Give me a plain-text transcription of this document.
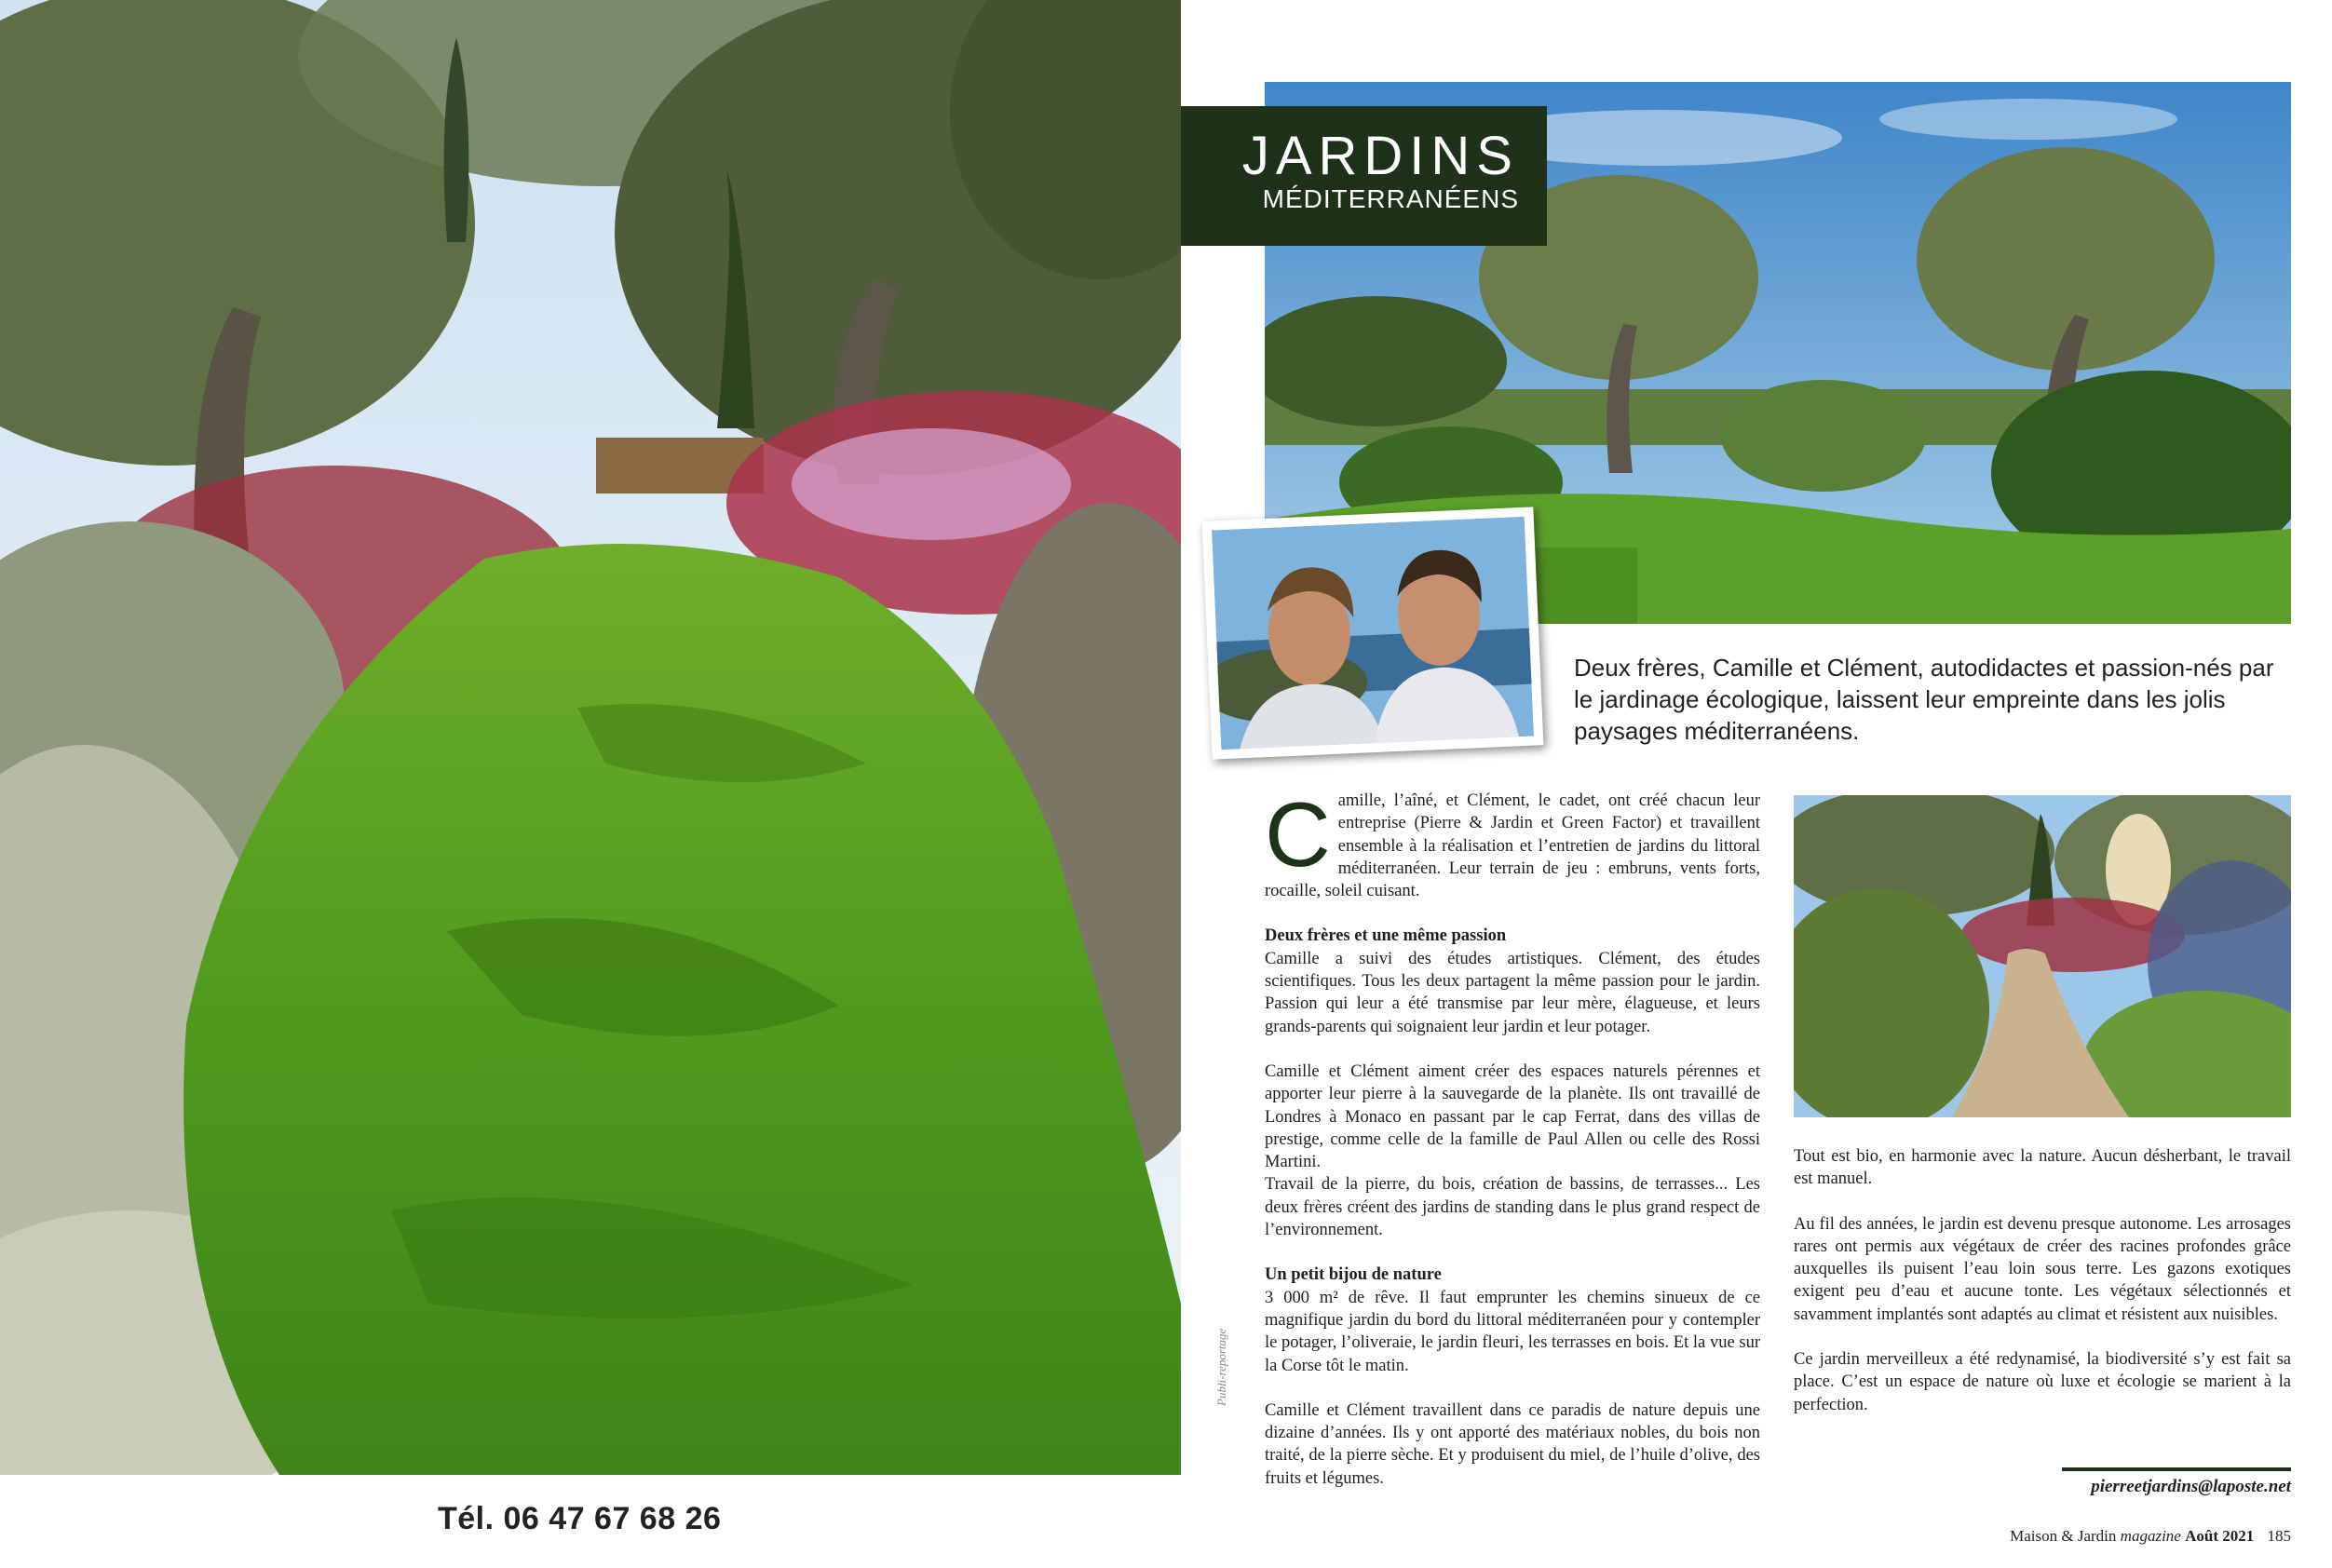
Tél. 06 47 67 68 26
JARDINS
MÉDITERRANÉENS
Deux frères, Camille et Clément, autodidactes et passion-nés par le jardinage écologique, laissent leur empreinte dans les jolis paysages méditerranéens.

Camille, l’aîné, et Clément, le cadet, ont créé chacun leur entreprise (Pierre & Jardin et Green Factor) et travaillent ensemble à la réalisation et l’entretien de jardins du littoral méditerranéen. Leur terrain de jeu : embruns, vents forts, rocaille, soleil cuisant.

Deux frères et une même passion
Camille a suivi des études artistiques. Clément, des études scientifiques. Tous les deux partagent la même passion pour le jardin. Passion qui leur a été transmise par leur mère, élagueuse, et leurs grands-parents qui soignaient leur jardin et leur potager.

Camille et Clément aiment créer des espaces naturels pérennes et apporter leur pierre à la sauvegarde de la planète. Ils ont travaillé de Londres à Monaco en passant par le cap Ferrat, dans des villas de prestige, comme celle de la famille de Paul Allen ou celle des Rossi Martini.

Travail de la pierre, du bois, création de bassins, de terrasses... Les deux frères créent des jardins de standing dans le plus grand respect de l’environnement.

Un petit bijou de nature
3 000 m² de rêve. Il faut emprunter les chemins sinueux de ce magnifique jardin du bord du littoral méditerranéen pour y contempler le potager, l’oliveraie, le jardin fleuri, les terrasses en bois. Et la vue sur la Corse tôt le matin.

Camille et Clément travaillent dans ce paradis de nature depuis une dizaine d’années. Ils y ont apporté des matériaux nobles, du bois non traité, de la pierre sèche. Et y produisent du miel, de l’huile d’olive, des fruits et légumes.

Tout est bio, en harmonie avec la nature. Aucun désherbant, le travail est manuel.

Au fil des années, le jardin est devenu presque autonome. Les arrosages rares ont permis aux végétaux de créer des racines profondes grâce auxquelles ils puisent l’eau loin sous terre. Les gazons exotiques exigent peu d’eau et aucune tonte. Les végétaux sélectionnés et savamment implantés sont adaptés au climat et résistent aux nuisibles.

Ce jardin merveilleux a été redynamisé, la biodiversité s’y est fait sa place. C’est un espace de nature où luxe et écologie se marient à la perfection.

pierreetjardins@laposte.net
Publi-reportage
Maison & Jardin magazine Août 2021 185
